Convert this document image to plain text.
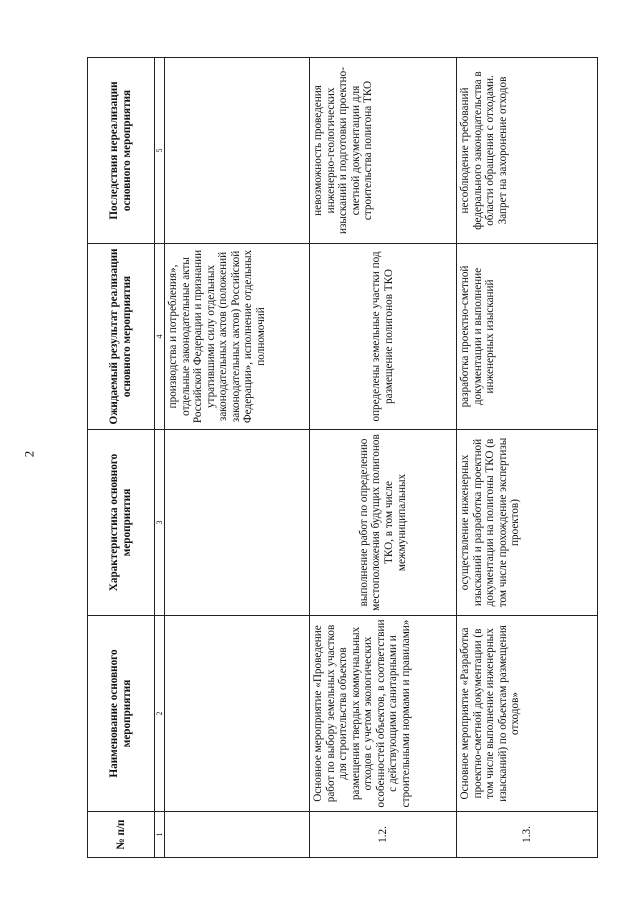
2
№ п/п	Наименование основного мероприятия	Характеристика основного мероприятия	Ожидаемый результат реализации основного мероприятия	Последствия нереализации основного мероприятия
1	2	3	4	5
			производства и потребления», отдельные законодательные акты Российской Федерации и признании утратившими силу отдельных законодательных актов (положений законодательных актов) Российской Федерации», исполнение отдельных полномочий	
1.2.	Основное мероприятие «Проведение работ по выбору земельных участков для строительства объектов размещения твердых коммунальных отходов с учетом экологических особенностей объектов, в соответствии с действующими санитарными и строительными нормами и правилами»	выполнение работ по определению местоположения будущих полигонов ТКО, в том числе межмуниципальных	определены земельные участки под размещение полигонов ТКО	невозможность проведения инженерно-геологических изысканий и подготовки проектно- сметной документации для строительства полигона ТКО
1.3.	Основное мероприятие «Разработка проектно-сметной документации (в том числе выполнение инженерных изысканий) по объектам размещения отходов»	осуществление инженерных изысканий и разработка проектной документации на полигоны ТКО (в том числе прохождение экспертизы проектов)	разработка проектно-сметной документации и выполнение инженерных изысканий	несоблюдение требований федерального законодательства в области обращения с отходами. Запрет на захоронение отходов
